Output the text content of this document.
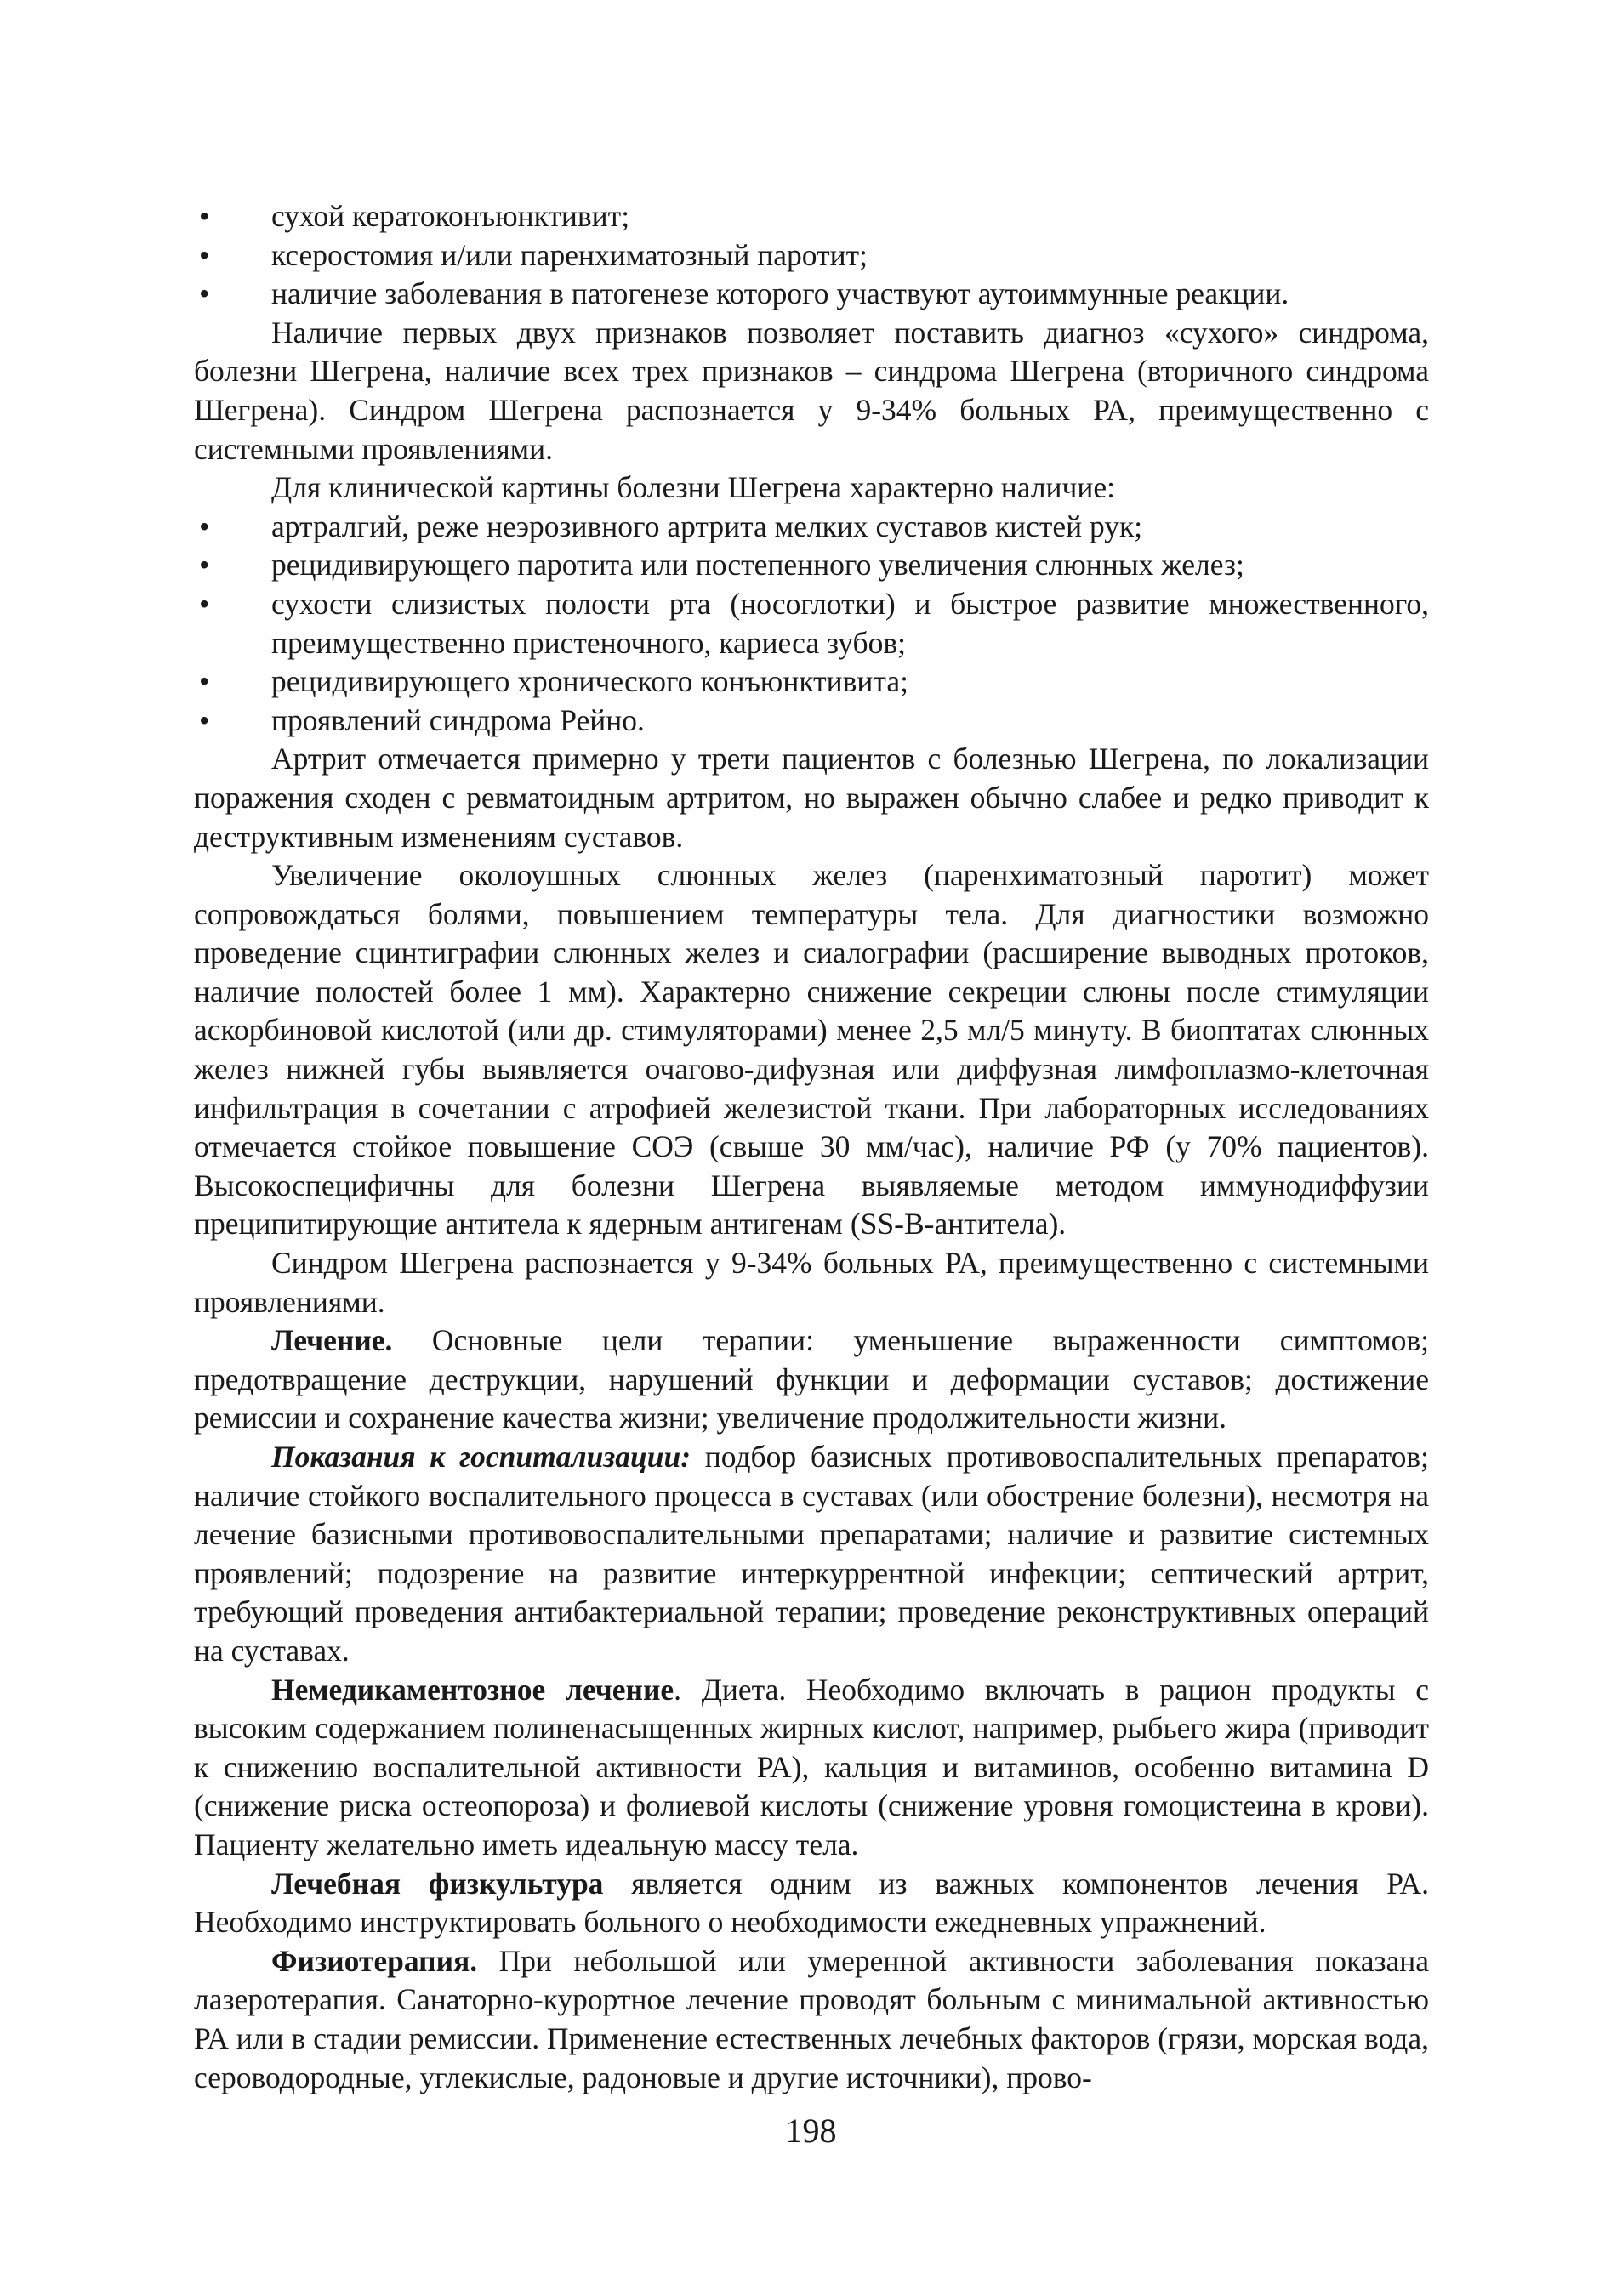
• сухой кератоконъюнктивит;
• ксеростомия и/или паренхиматозный паротит;
• наличие заболевания в патогенезе которого участвуют аутоиммунные реакции.

Наличие первых двух признаков позволяет поставить диагноз «сухого» синдрома, болезни Шегрена, наличие всех трех признаков – синдрома Шегрена (вторичного синдрома Шегрена). Синдром Шегрена распознается у 9-34% больных РА, преимущественно с системными проявлениями.

Для клинической картины болезни Шегрена характерно наличие:

• артралгий, реже неэрозивного артрита мелких суставов кистей рук;
• рецидивирующего паротита или постепенного увеличения слюнных желез;
• сухости слизистых полости рта (носоглотки) и быстрое развитие множественного, преимущественно пристеночного, кариеса зубов;
• рецидивирующего хронического конъюнктивита;
• проявлений синдрома Рейно.

Артрит отмечается примерно у трети пациентов с болезнью Шегрена, по локализации поражения сходен с ревматоидным артритом, но выражен обычно слабее и редко приводит к деструктивным изменениям суставов.

Увеличение околоушных слюнных желез (паренхиматозный паротит) может сопровождаться болями, повышением температуры тела. Для диагностики возможно проведение сцинтиграфии слюнных желез и сиалографии (расширение выводных протоков, наличие полостей более 1 мм). Характерно снижение секреции слюны после стимуляции аскорбиновой кислотой (или др. стимуляторами) менее 2,5 мл/5 минуту. В биоптатах слюнных желез нижней губы выявляется очагово-дифузная или диффузная лимфоплазмо-клеточная инфильтрация в сочетании с атрофией железистой ткани. При лабораторных исследованиях отмечается стойкое повышение СОЭ (свыше 30 мм/час), наличие РФ (у 70% пациентов). Высокоспецифичны для болезни Шегрена выявляемые методом иммунодиффузии преципитирующие антитела к ядерным антигенам (SS-B-антитела).

Синдром Шегрена распознается у 9-34% больных РА, преимущественно с системными проявлениями.

Лечение. Основные цели терапии: уменьшение выраженности симптомов; предотвращение деструкции, нарушений функции и деформации суставов; достижение ремиссии и сохранение качества жизни; увеличение продолжительности жизни.

Показания к госпитализации: подбор базисных противовоспалительных препаратов; наличие стойкого воспалительного процесса в суставах (или обострение болезни), несмотря на лечение базисными противовоспалительными препаратами; наличие и развитие системных проявлений; подозрение на развитие интеркуррентной инфекции; септический артрит, требующий проведения антибактериальной терапии; проведение реконструктивных операций на суставах.

Немедикаментозное лечение. Диета. Необходимо включать в рацион продукты с высоким содержанием полиненасыщенных жирных кислот, например, рыбьего жира (приводит к снижению воспалительной активности РА), кальция и витаминов, особенно витамина D (снижение риска остеопороза) и фолиевой кислоты (снижение уровня гомоцистеина в крови). Пациенту желательно иметь идеальную массу тела.

Лечебная физкультура является одним из важных компонентов лечения РА. Необходимо инструктировать больного о необходимости ежедневных упражнений.

Физиотерапия. При небольшой или умеренной активности заболевания показана лазеротерапия. Санаторно-курортное лечение проводят больным с минимальной активностью РА или в стадии ремиссии. Применение естественных лечебных факторов (грязи, морская вода, сероводородные, углекислые, радоновые и другие источники), прово-

198
